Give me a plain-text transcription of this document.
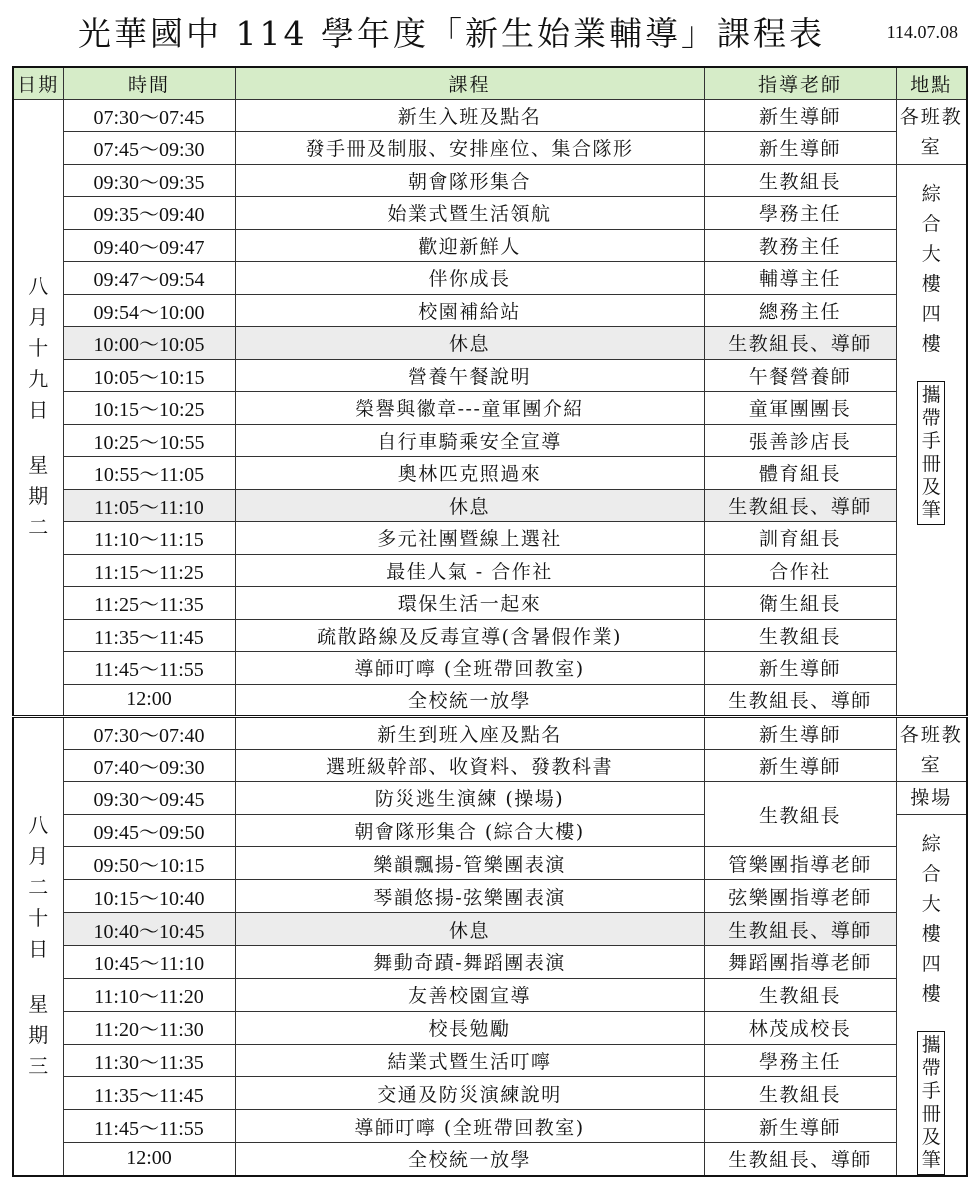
光華國中 114 學年度「新生始業輔導」課程表	114.07.08
日期	時間	課程	指導老師	地點
八月十九日
星期二	07:30～07:45	新生入班及點名	新生導師	各班教室
	07:45～09:30	發手冊及制服、安排座位、集合隊形	新生導師	
	09:30～09:35	朝會隊形集合	生教組長	綜合大樓四樓
攜帶手冊及筆
	09:35～09:40	始業式暨生活領航	學務主任	
	09:40～09:47	歡迎新鮮人	教務主任	
	09:47～09:54	伴你成長	輔導主任	
	09:54～10:00	校園補給站	總務主任	
	10:00～10:05	休息	生教組長、導師	
	10:05～10:15	營養午餐說明	午餐營養師	
	10:15～10:25	榮譽與徽章---童軍團介紹	童軍團團長	
	10:25～10:55	自行車騎乘安全宣導	張善診店長	
	10:55～11:05	奧林匹克照過來	體育組長	
	11:05～11:10	休息	生教組長、導師	
	11:10～11:15	多元社團暨線上選社	訓育組長	
	11:15～11:25	最佳人氣 - 合作社	合作社	
	11:25～11:35	環保生活一起來	衛生組長	
	11:35～11:45	疏散路線及反毒宣導(含暑假作業)	生教組長	
	11:45～11:55	導師叮嚀 (全班帶回教室)	新生導師	
	12:00	全校統一放學	生教組長、導師	
八月二十日
星期三	07:30～07:40	新生到班入座及點名	新生導師	各班教室
	07:40～09:30	選班級幹部、收資料、發教科書	新生導師	
	09:30～09:45	防災逃生演練 (操場)	生教組長	操場
	09:45～09:50	朝會隊形集合 (綜合大樓)		綜合大樓四樓
攜帶手冊及筆
	09:50～10:15	樂韻飄揚-管樂團表演	管樂團指導老師	
	10:15～10:40	琴韻悠揚-弦樂團表演	弦樂團指導老師	
	10:40～10:45	休息	生教組長、導師	
	10:45～11:10	舞動奇蹟-舞蹈團表演	舞蹈團指導老師	
	11:10～11:20	友善校園宣導	生教組長	
	11:20～11:30	校長勉勵	林茂成校長	
	11:30～11:35	結業式暨生活叮嚀	學務主任	
	11:35～11:45	交通及防災演練說明	生教組長	
	11:45～11:55	導師叮嚀 (全班帶回教室)	新生導師	
	12:00	全校統一放學	生教組長、導師	
